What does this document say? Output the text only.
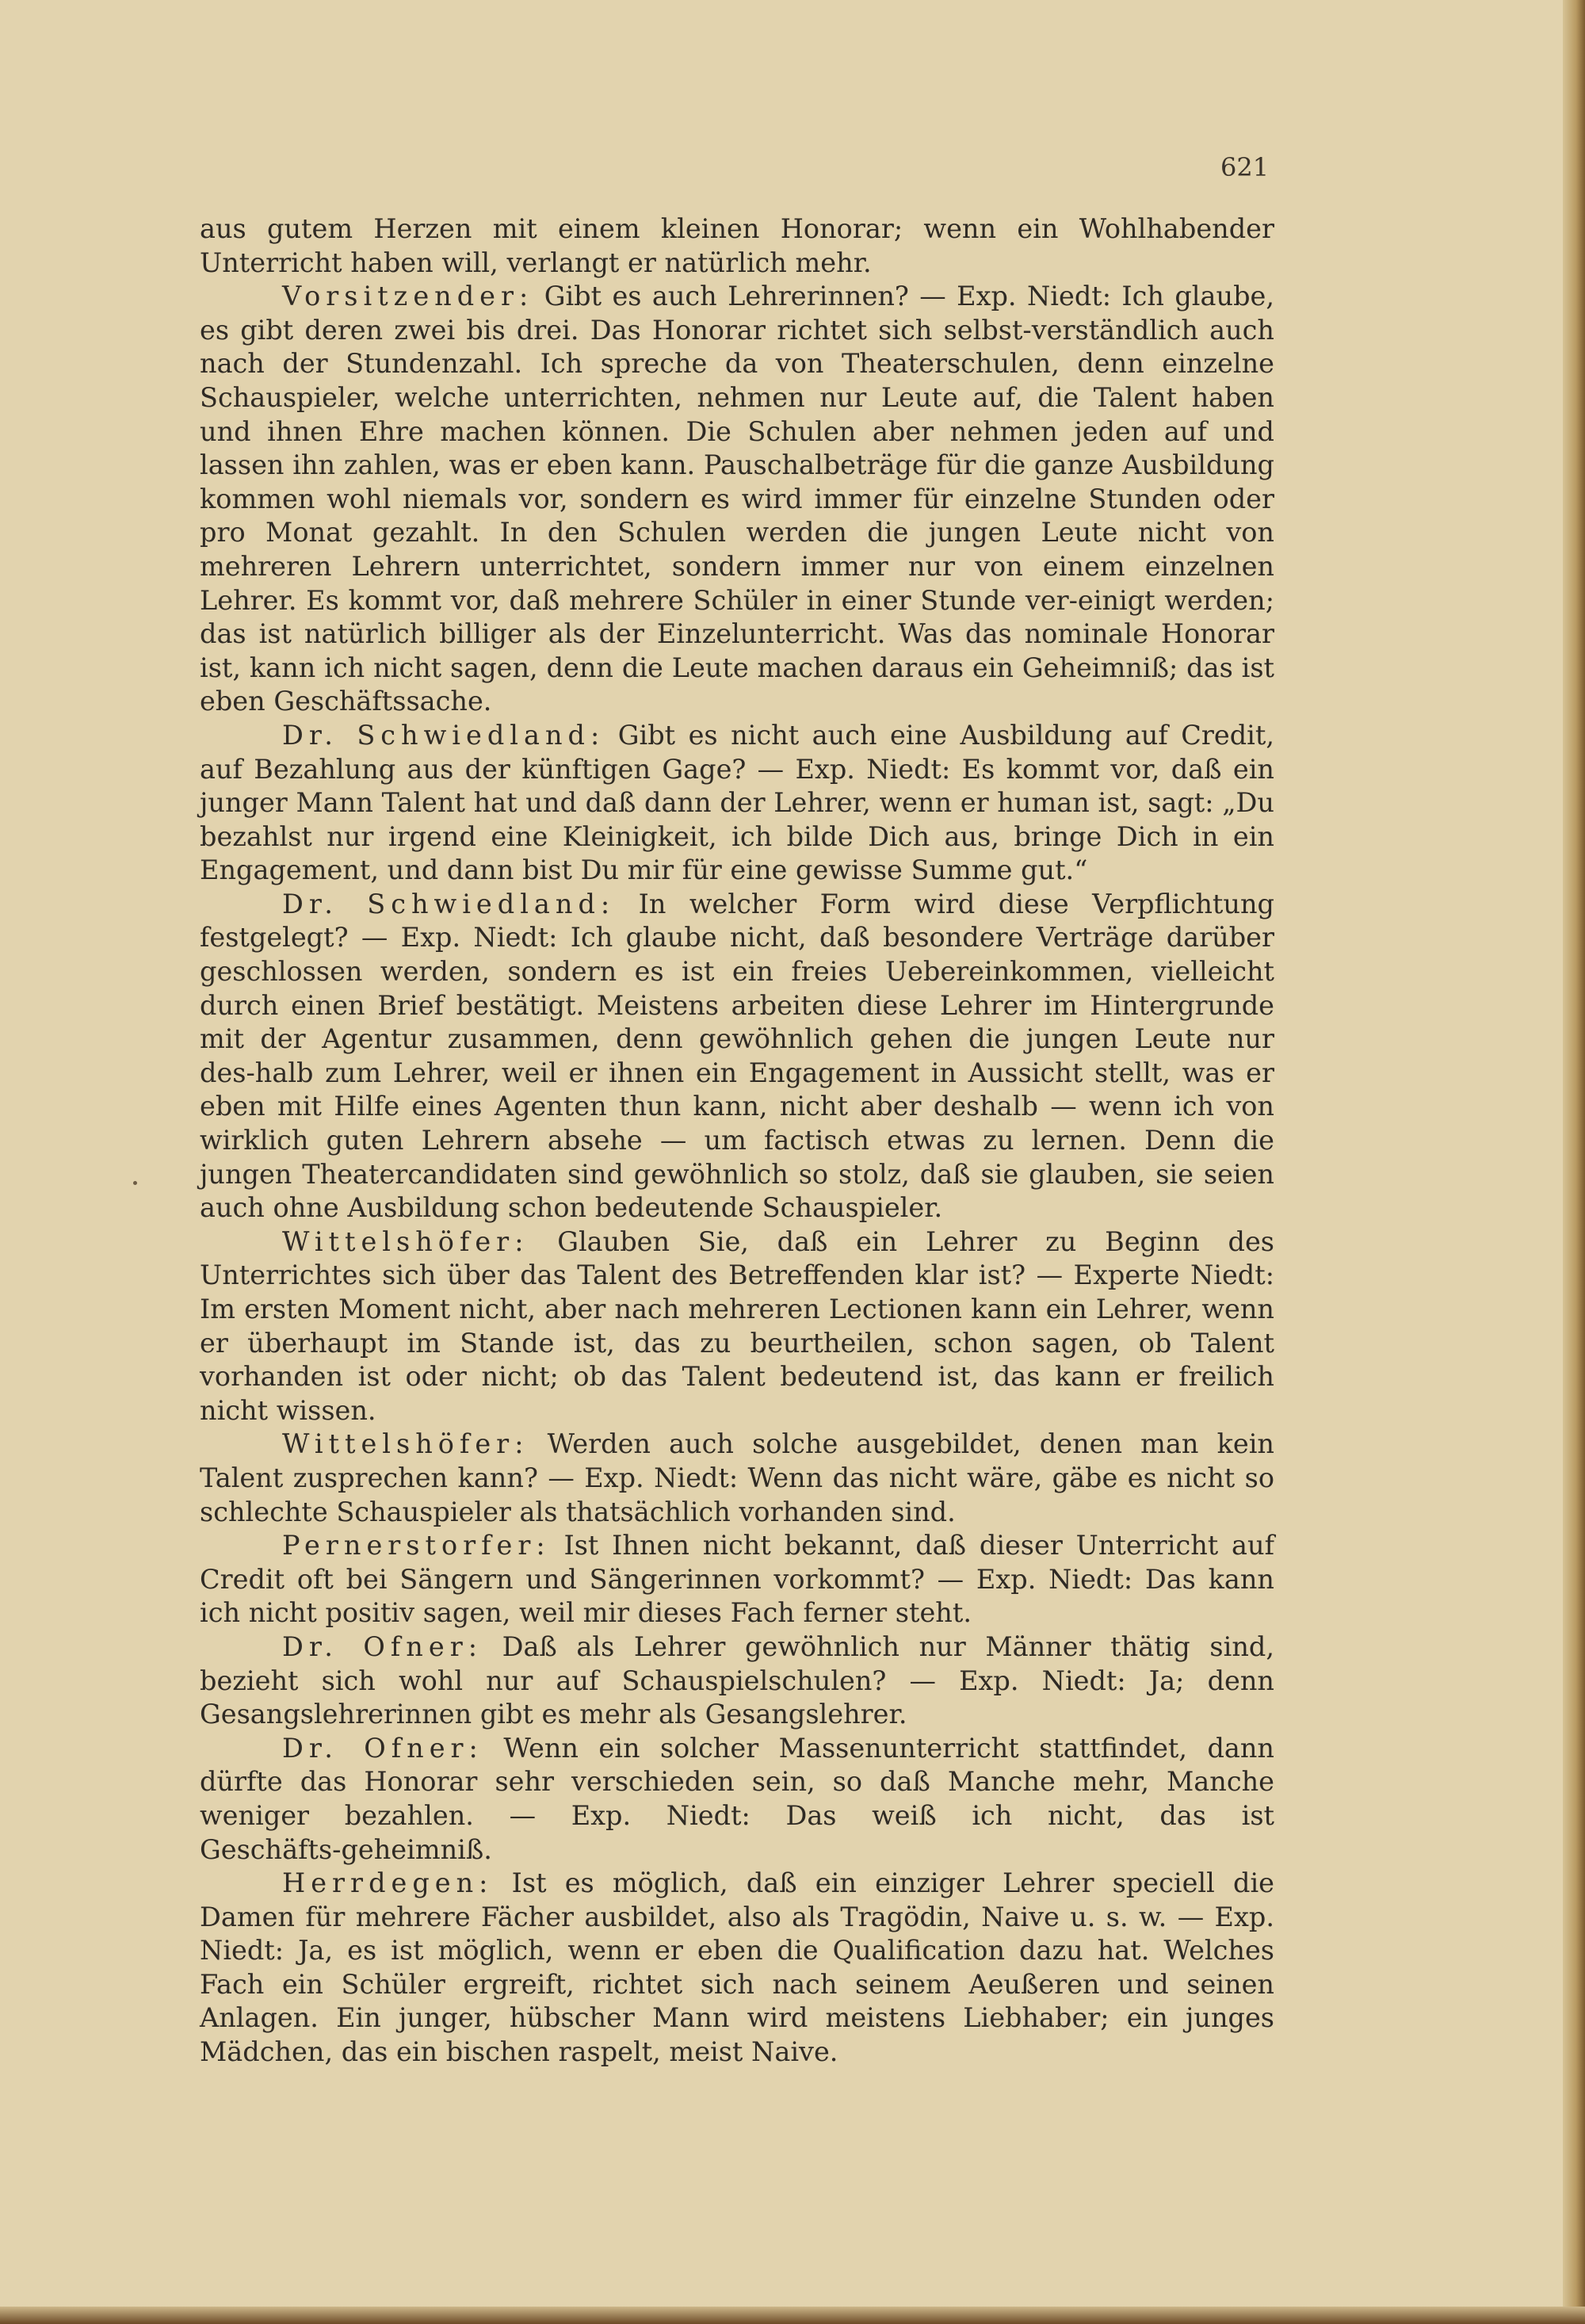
621

aus gutem Herzen mit einem kleinen Honorar; wenn ein Wohlhabender Unterricht haben will, verlangt er natürlich mehr.

Vorsitzender: Gibt es auch Lehrerinnen? — Exp. Niedt: Ich glaube, es gibt deren zwei bis drei. Das Honorar richtet sich selbst‑verständlich auch nach der Stundenzahl. Ich spreche da von Theaterschulen, denn einzelne Schauspieler, welche unterrichten, nehmen nur Leute auf, die Talent haben und ihnen Ehre machen können. Die Schulen aber nehmen jeden auf und lassen ihn zahlen, was er eben kann. Pauschalbeträge für die ganze Ausbildung kommen wohl niemals vor, sondern es wird immer für einzelne Stunden oder pro Monat gezahlt. In den Schulen werden die jungen Leute nicht von mehreren Lehrern unterrichtet, sondern immer nur von einem einzelnen Lehrer. Es kommt vor, daß mehrere Schüler in einer Stunde ver‑einigt werden; das ist natürlich billiger als der Einzelunterricht. Was das nominale Honorar ist, kann ich nicht sagen, denn die Leute machen daraus ein Geheimniß; das ist eben Geschäftssache.

Dr. Schwiedland: Gibt es nicht auch eine Ausbildung auf Credit, auf Bezahlung aus der künftigen Gage? — Exp. Niedt: Es kommt vor, daß ein junger Mann Talent hat und daß dann der Lehrer, wenn er human ist, sagt: „Du bezahlst nur irgend eine Kleinigkeit, ich bilde Dich aus, bringe Dich in ein Engagement, und dann bist Du mir für eine gewisse Summe gut.“

Dr. Schwiedland: In welcher Form wird diese Verpflichtung festgelegt? — Exp. Niedt: Ich glaube nicht, daß besondere Verträge darüber geschlossen werden, sondern es ist ein freies Uebereinkommen, vielleicht durch einen Brief bestätigt. Meistens arbeiten diese Lehrer im Hintergrunde mit der Agentur zusammen, denn gewöhnlich gehen die jungen Leute nur des‑halb zum Lehrer, weil er ihnen ein Engagement in Aussicht stellt, was er eben mit Hilfe eines Agenten thun kann, nicht aber deshalb — wenn ich von wirklich guten Lehrern absehe — um factisch etwas zu lernen. Denn die jungen Theatercandidaten sind gewöhnlich so stolz, daß sie glauben, sie seien auch ohne Ausbildung schon bedeutende Schauspieler.

Wittelshöfer: Glauben Sie, daß ein Lehrer zu Beginn des Unterrichtes sich über das Talent des Betreffenden klar ist? — Experte Niedt: Im ersten Moment nicht, aber nach mehreren Lectionen kann ein Lehrer, wenn er überhaupt im Stande ist, das zu beurtheilen, schon sagen, ob Talent vorhanden ist oder nicht; ob das Talent bedeutend ist, das kann er freilich nicht wissen.

Wittelshöfer: Werden auch solche ausgebildet, denen man kein Talent zusprechen kann? — Exp. Niedt: Wenn das nicht wäre, gäbe es nicht so schlechte Schauspieler als thatsächlich vorhanden sind.

Pernerstorfer: Ist Ihnen nicht bekannt, daß dieser Unterricht auf Credit oft bei Sängern und Sängerinnen vorkommt? — Exp. Niedt: Das kann ich nicht positiv sagen, weil mir dieses Fach ferner steht.

Dr. Ofner: Daß als Lehrer gewöhnlich nur Männer thätig sind, bezieht sich wohl nur auf Schauspielschulen? — Exp. Niedt: Ja; denn Gesangslehrerinnen gibt es mehr als Gesangslehrer.

Dr. Ofner: Wenn ein solcher Massenunterricht stattfindet, dann dürfte das Honorar sehr verschieden sein, so daß Manche mehr, Manche weniger bezahlen. — Exp. Niedt: Das weiß ich nicht, das ist Geschäfts‑geheimniß.

Herrdegen: Ist es möglich, daß ein einziger Lehrer speciell die Damen für mehrere Fächer ausbildet, also als Tragödin, Naive u. s. w. — Exp. Niedt: Ja, es ist möglich, wenn er eben die Qualification dazu hat. Welches Fach ein Schüler ergreift, richtet sich nach seinem Aeußeren und seinen Anlagen. Ein junger, hübscher Mann wird meistens Liebhaber; ein junges Mädchen, das ein bischen raspelt, meist Naive.
